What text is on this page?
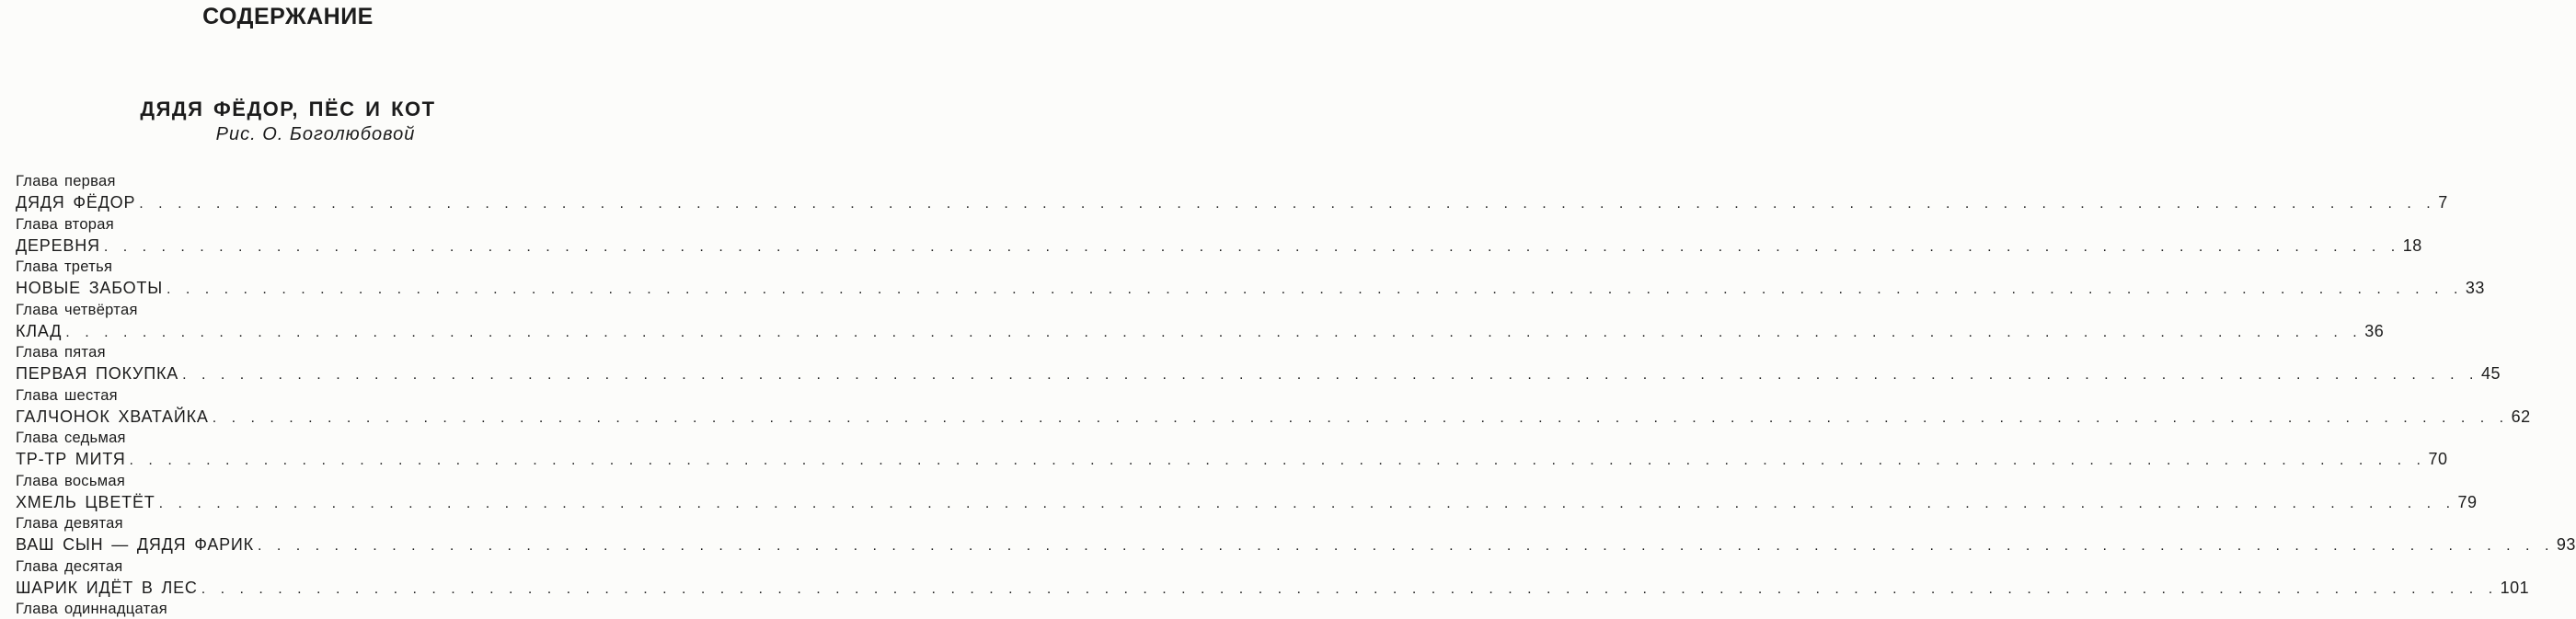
СОДЕРЖАНИЕ
ДЯДЯ ФЁДОР, ПЁС И КОТ
Рис. О. Боголюбовой
Глава первая
ДЯДЯ ФЁДОР . . . . . . . . . . . . . . . . . . . . . . . . . . . . . . . . . . . . . . . . . . . . . . . . . . . . . . . . . . . . . . . . . . . . . . . . . . . . . . . . . . . . . . . . . . . . . . . . . . . . . . . . . . . . . . . . . . . . . . . . 7
Глава вторая
ДЕРЕВНЯ . . . . . . . . . . . . . . . . . . . . . . . . . . . . . . . . . . . . . . . . . . . . . . . . . . . . . . . . . . . . . . . . . . . . . . . . . . . . . . . . . . . . . . . . . . . . . . . . . . . . . . . . . . . . . . . . . . . . . . . . 18
Глава третья
НОВЫЕ ЗАБОТЫ . . . . . . . . . . . . . . . . . . . . . . . . . . . . . . . . . . . . . . . . . . . . . . . . . . . . . . . . . . . . . . . . . . . . . . . . . . . . . . . . . . . . . . . . . . . . . . . . . . . . . . . . . . . . . . . . . . . . . . . . 33
Глава четвёртая
КЛАД . . . . . . . . . . . . . . . . . . . . . . . . . . . . . . . . . . . . . . . . . . . . . . . . . . . . . . . . . . . . . . . . . . . . . . . . . . . . . . . . . . . . . . . . . . . . . . . . . . . . . . . . . . . . . . . . . . . . . . . . 36
Глава пятая
ПЕРВАЯ ПОКУПКА . . . . . . . . . . . . . . . . . . . . . . . . . . . . . . . . . . . . . . . . . . . . . . . . . . . . . . . . . . . . . . . . . . . . . . . . . . . . . . . . . . . . . . . . . . . . . . . . . . . . . . . . . . . . . . . . . . . . . . . . 45
Глава шестая
ГАЛЧОНОК ХВАТАЙКА . . . . . . . . . . . . . . . . . . . . . . . . . . . . . . . . . . . . . . . . . . . . . . . . . . . . . . . . . . . . . . . . . . . . . . . . . . . . . . . . . . . . . . . . . . . . . . . . . . . . . . . . . . . . . . . . . . . . . . . . 62
Глава седьмая
ТР-ТР МИТЯ . . . . . . . . . . . . . . . . . . . . . . . . . . . . . . . . . . . . . . . . . . . . . . . . . . . . . . . . . . . . . . . . . . . . . . . . . . . . . . . . . . . . . . . . . . . . . . . . . . . . . . . . . . . . . . . . . . . . . . . . 70
Глава восьмая
ХМЕЛЬ ЦВЕТЁТ . . . . . . . . . . . . . . . . . . . . . . . . . . . . . . . . . . . . . . . . . . . . . . . . . . . . . . . . . . . . . . . . . . . . . . . . . . . . . . . . . . . . . . . . . . . . . . . . . . . . . . . . . . . . . . . . . . . . . . . . 79
Глава девятая
ВАШ СЫН — ДЯДЯ ФАРИК . . . . . . . . . . . . . . . . . . . . . . . . . . . . . . . . . . . . . . . . . . . . . . . . . . . . . . . . . . . . . . . . . . . . . . . . . . . . . . . . . . . . . . . . . . . . . . . . . . . . . . . . . . . . . . . . . . . . . . . . 93
Глава десятая
ШАРИК ИДЁТ В ЛЕС . . . . . . . . . . . . . . . . . . . . . . . . . . . . . . . . . . . . . . . . . . . . . . . . . . . . . . . . . . . . . . . . . . . . . . . . . . . . . . . . . . . . . . . . . . . . . . . . . . . . . . . . . . . . . . . . . . . . . . . . 101
Глава одиннадцатая
